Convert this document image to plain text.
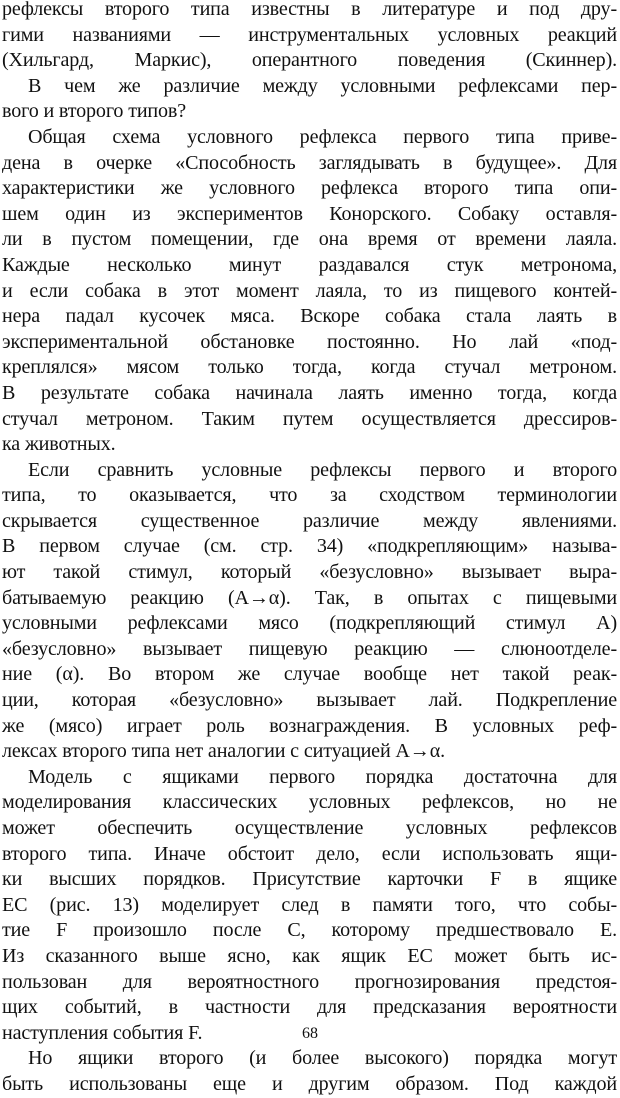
рефлексы второго типа известны в литературе и под дру-
гими названиями — инструментальных условных реакций
(Хильгард, Маркис), оперантного поведения (Скиннер).
В чем же различие между условными рефлексами пер-
вого и второго типов?
Общая схема условного рефлекса первого типа приве-
дена в очерке «Способность заглядывать в будущее». Для
характеристики же условного рефлекса второго типа опи-
шем один из экспериментов Конорского. Собаку оставля-
ли в пустом помещении, где она время от времени лаяла.
Каждые несколько минут раздавался стук метронома,
и если собака в этот момент лаяла, то из пищевого контей-
нера падал кусочек мяса. Вскоре собака стала лаять в
экспериментальной обстановке постоянно. Но лай «под-
креплялся» мясом только тогда, когда стучал метроном.
В результате собака начинала лаять именно тогда, когда
стучал метроном. Таким путем осуществляется дрессиров-
ка животных.
Если сравнить условные рефлексы первого и второго
типа, то оказывается, что за сходством терминологии
скрывается существенное различие между явлениями.
В первом случае (см. стр. 34) «подкрепляющим» называ-
ют такой стимул, который «безусловно» вызывает выра-
батываемую реакцию (A→α). Так, в опытах с пищевыми
условными рефлексами мясо (подкрепляющий стимул A)
«безусловно» вызывает пищевую реакцию — слюноотделе-
ние (α). Во втором же случае вообще нет такой реак-
ции, которая «безусловно» вызывает лай. Подкрепление
же (мясо) играет роль вознаграждения. В условных реф-
лексах второго типа нет аналогии с ситуацией A→α.
Модель с ящиками первого порядка достаточна для
моделирования классических условных рефлексов, но не
может обеспечить осуществление условных рефлексов
второго типа. Иначе обстоит дело, если использовать ящи-
ки высших порядков. Присутствие карточки F в ящике
EC (рис. 13) моделирует след в памяти того, что собы-
тие F произошло после C, которому предшествовало E.
Из сказанного выше ясно, как ящик EC может быть ис-
пользован для вероятностного прогнозирования предстоя-
щих событий, в частности для предсказания вероятности
наступления события F.
Но ящики второго (и более высокого) порядка могут
быть использованы еще и другим образом. Под каждой
68
